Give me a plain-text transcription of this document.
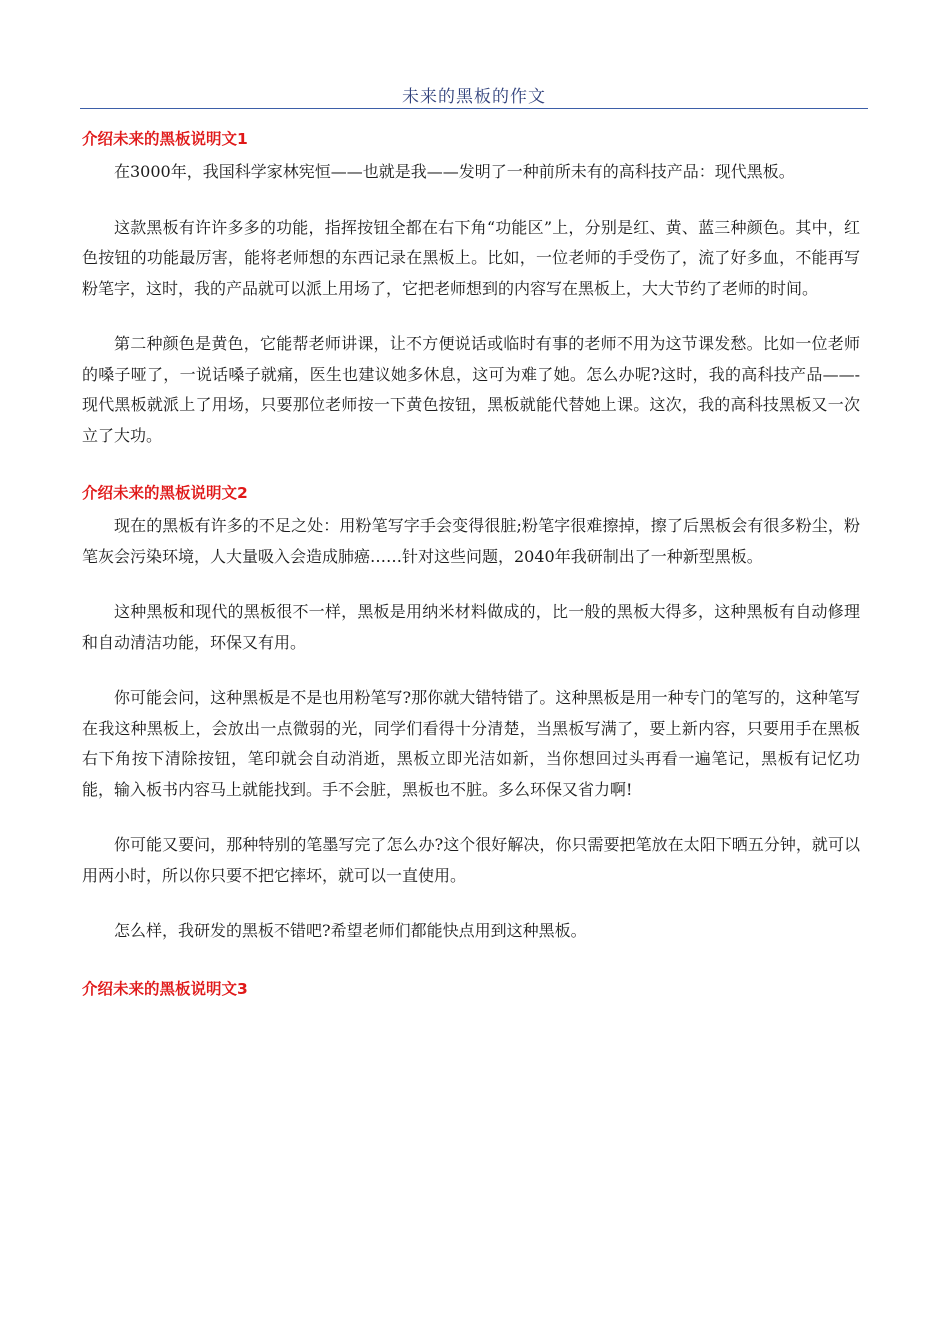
未来的黑板的作文
介绍未来的黑板说明文1

在3000年，我国科学家林宪恒——也就是我——发明了一种前所未有的高科技产品：现代黑板。

这款黑板有许许多多的功能，指挥按钮全都在右下角“功能区”上，分别是红、黄、蓝三种颜色。其中，红色按钮的功能最厉害，能将老师想的东西记录在黑板上。比如，一位老师的手受伤了，流了好多血，不能再写粉笔字，这时，我的产品就可以派上用场了，它把老师想到的内容写在黑板上，大大节约了老师的时间。

第二种颜色是黄色，它能帮老师讲课，让不方便说话或临时有事的老师不用为这节课发愁。比如一位老师的嗓子哑了，一说话嗓子就痛，医生也建议她多休息，这可为难了她。怎么办呢?这时，我的高科技产品——-现代黑板就派上了用场，只要那位老师按一下黄色按钮，黑板就能代替她上课。这次，我的高科技黑板又一次立了大功。

介绍未来的黑板说明文2

现在的黑板有许多的不足之处：用粉笔写字手会变得很脏;粉笔字很难擦掉，擦了后黑板会有很多粉尘，粉笔灰会污染环境，人大量吸入会造成肺癌……针对这些问题，2040年我研制出了一种新型黑板。

这种黑板和现代的黑板很不一样，黑板是用纳米材料做成的，比一般的黑板大得多，这种黑板有自动修理和自动清洁功能，环保又有用。

你可能会问，这种黑板是不是也用粉笔写?那你就大错特错了。这种黑板是用一种专门的笔写的，这种笔写在我这种黑板上，会放出一点微弱的光，同学们看得十分清楚，当黑板写满了，要上新内容，只要用手在黑板右下角按下清除按钮，笔印就会自动消逝，黑板立即光洁如新，当你想回过头再看一遍笔记，黑板有记忆功能，输入板书内容马上就能找到。手不会脏，黑板也不脏。多么环保又省力啊!

你可能又要问，那种特别的笔墨写完了怎么办?这个很好解决，你只需要把笔放在太阳下晒五分钟，就可以用两小时，所以你只要不把它摔坏，就可以一直使用。

怎么样，我研发的黑板不错吧?希望老师们都能快点用到这种黑板。

介绍未来的黑板说明文3
